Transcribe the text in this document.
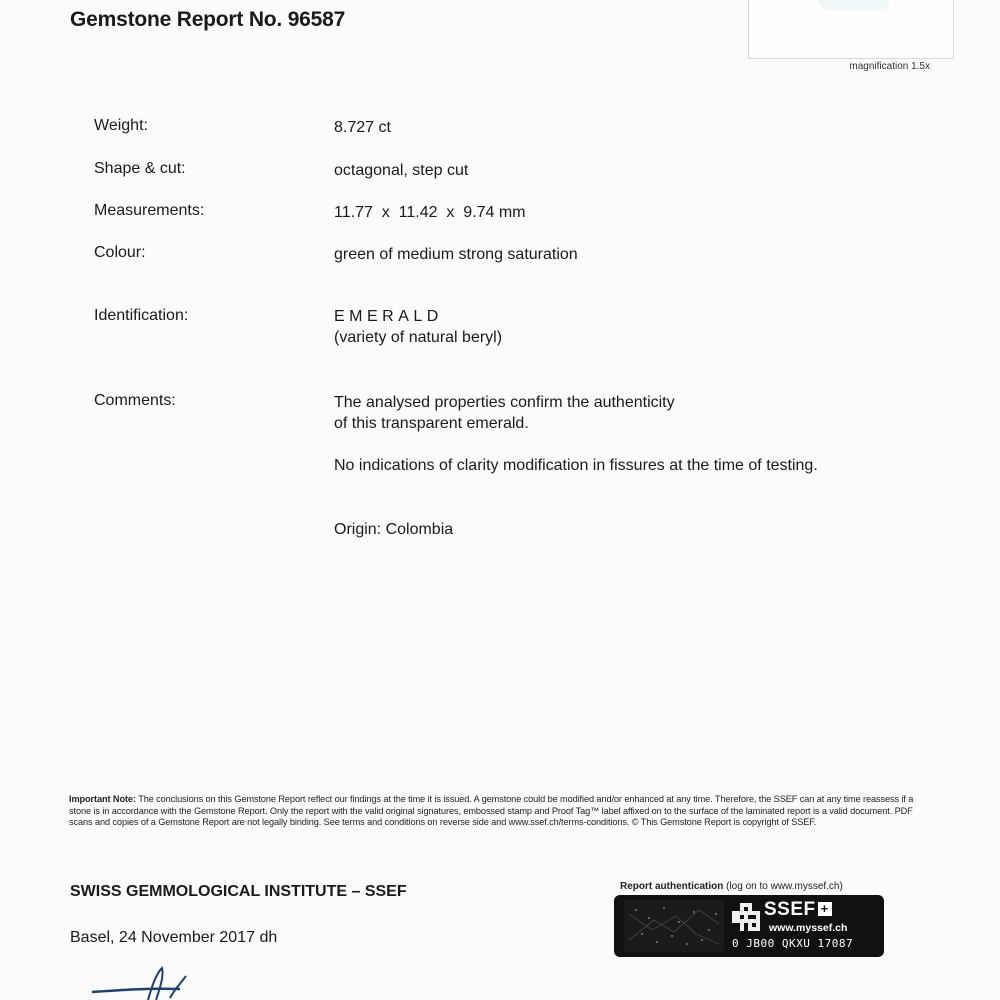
Gemstone Report No. 96587
magnification 1.5x
Weight:	8.727 ct
Shape & cut:	octagonal, step cut
Measurements:	11.77  x  11.42  x  9.74 mm
Colour:	green of medium strong saturation
Identification:	EMERALD
(variety of natural beryl)
Comments:	The analysed properties confirm the authenticity
of this transparent emerald.
No indications of clarity modification in fissures at the time of testing.
Origin: Colombia
Important Note: The conclusions on this Gemstone Report reflect our findings at the time it is issued. A gemstone could be modified and/or enhanced at any time. Therefore, the SSEF can at any time reassess if a stone is in accordance with the Gemstone Report. Only the report with the valid original signatures, embossed stamp and Proof Tag™ label affixed on to the surface of the laminated report is a valid document. PDF scans and copies of a Gemstone Report are not legally binding. See terms and conditions on reverse side and www.ssef.ch/terms-conditions. © This Gemstone Report is copyright of SSEF.
SWISS GEMMOLOGICAL INSTITUTE – SSEF
Basel, 24 November 2017 dh
Report authentication (log on to www.myssef.ch)
SSEF +
www.myssef.ch
0 JB00 QKXU 17087
